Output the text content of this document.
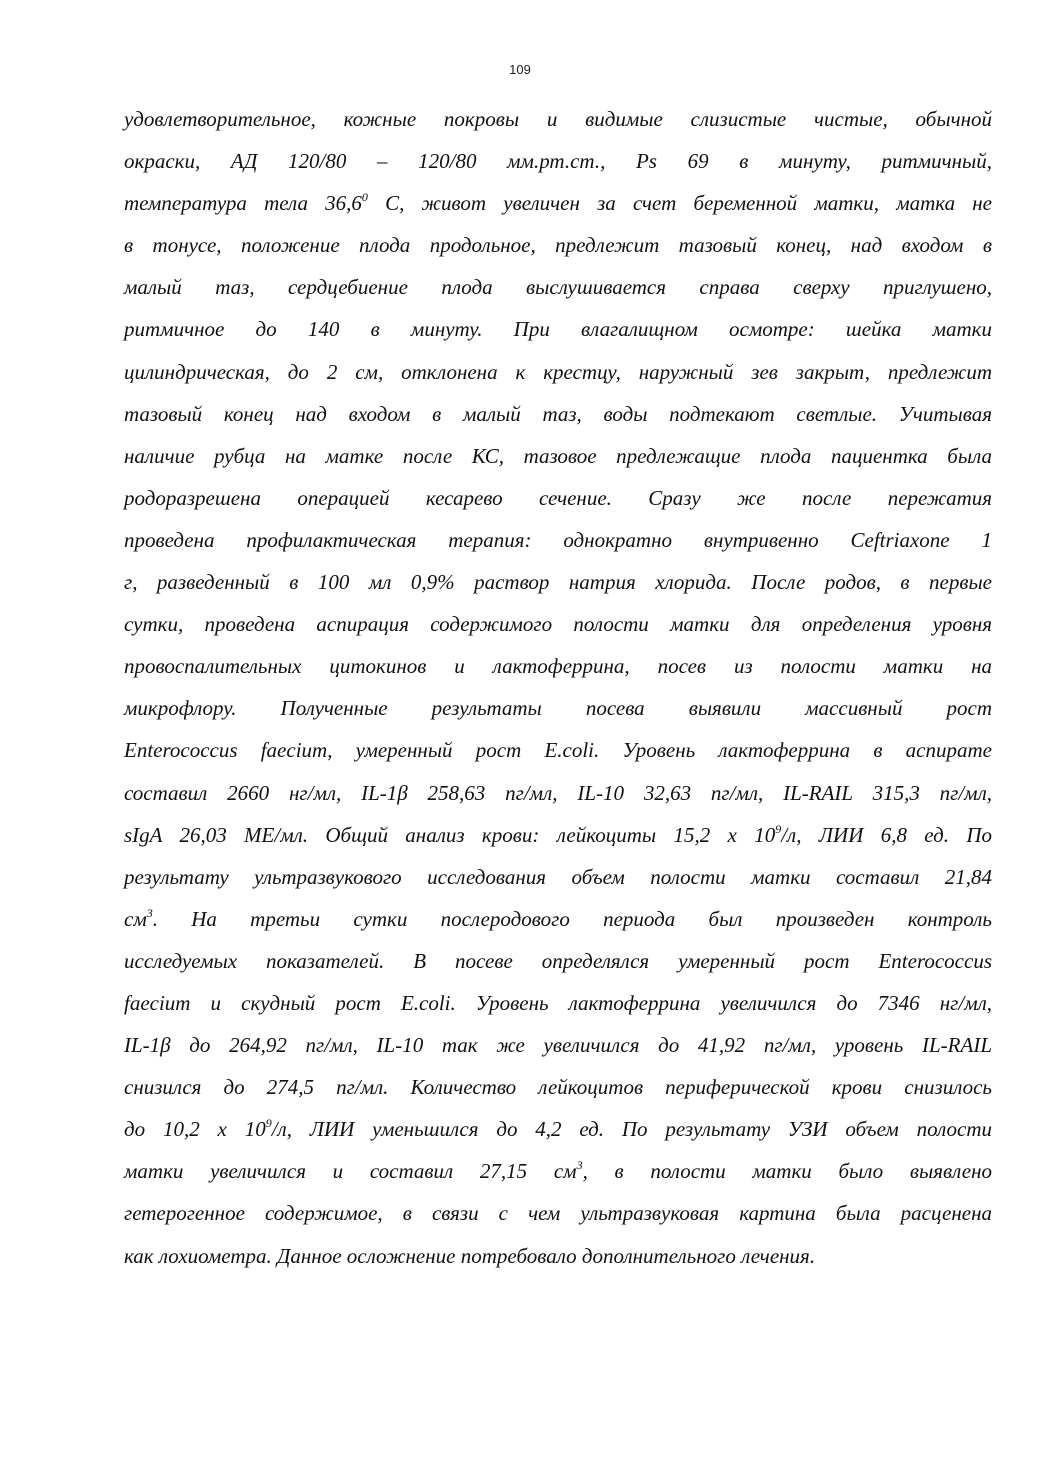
109
удовлетворительное, кожные покровы и видимые слизистые чистые, обычной
окраски, АД 120/80 – 120/80 мм.рт.ст., Ps 69 в минуту, ритмичный,
температура тела 36,6$^0$ С, живот увеличен за счет беременной матки, матка не
в тонусе, положение плода продольное, предлежит тазовый конец, над входом в
малый таз, сердцебиение плода выслушивается справа сверху приглушено,
ритмичное до 140 в минуту. При влагалищном осмотре: шейка матки
цилиндрическая, до 2 см, отклонена к крестцу, наружный зев закрыт, предлежит
тазовый конец над входом в малый таз, воды подтекают светлые. Учитывая
наличие рубца на матке после КС, тазовое предлежащие плода пациентка была
родоразрешена операцией кесарево сечение. Сразу же после пережатия
проведена профилактическая терапия: однократно внутривенно Ceftriaxone 1
г, разведенный в 100 мл 0,9% раствор натрия хлорида. После родов, в первые
сутки, проведена аспирация содержимого полости матки для определения уровня
провоспалительных цитокинов и лактоферрина, посев из полости матки на
микрофлору. Полученные результаты посева выявили массивный рост
Enterococcus faecium, умеренный рост E.coli. Уровень лактоферрина в аспирате
составил 2660 нг/мл, IL-1β 258,63 пг/мл, IL-10 32,63 пг/мл, IL-RAIL 315,3 пг/мл,
sIgA 26,03 МЕ/мл. Общий анализ крови: лейкоциты 15,2 х $10^9/л$, ЛИИ 6,8 ед. По
результату ультразвукового исследования объем полости матки составил 21,84
$см^3$. На третьи сутки послеродового периода был произведен контроль
исследуемых показателей. В посеве определялся умеренный рост Enterococcus
faecium и скудный рост E.coli. Уровень лактоферрина увеличился до 7346 нг/мл,
IL-1β до 264,92 пг/мл, IL-10 так же увеличился до 41,92 пг/мл, уровень IL-RAIL
снизился до 274,5 пг/мл. Количество лейкоцитов периферической крови снизилось
до 10,2 х $10^9/л$, ЛИИ уменьшился до 4,2 ед. По результату УЗИ объем полости
матки увеличился и составил 27,15 $см^3$, в полости матки было выявлено
гетерогенное содержимое, в связи с чем ультразвуковая картина была расценена
как лохиометра. Данное осложнение потребовало дополнительного лечения.
